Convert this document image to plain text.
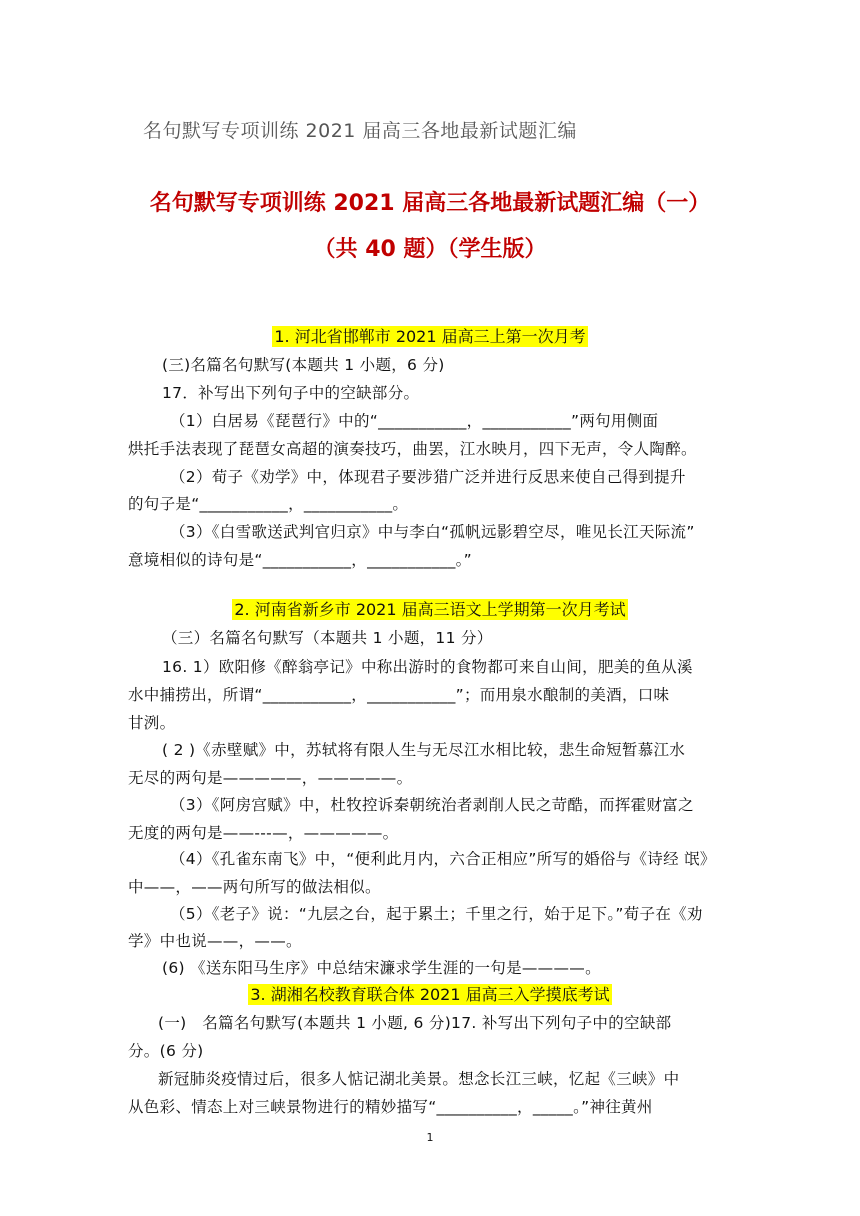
名句默写专项训练 2021 届高三各地最新试题汇编
名句默写专项训练 2021 届高三各地最新试题汇编（一）
（共 40 题）（学生版）
1. 河北省邯郸市 2021 届高三上第一次月考
(三)名篇名句默写(本题共 1 小题，6 分)
17．补写出下列句子中的空缺部分。
（1）白居易《琵琶行》中的“___________，___________”两句用侧面
烘托手法表现了琵琶女高超的演奏技巧，曲罢，江水映月，四下无声，令人陶醉。
（2）荀子《劝学》中，体现君子要涉猎广泛并进行反思来使自己得到提升
的句子是“___________，___________。
（3）《白雪歌送武判官归京》中与李白“孤帆远影碧空尽，唯见长江天际流”
意境相似的诗句是“___________，___________。”
2. 河南省新乡市 2021 届高三语文上学期第一次月考试
（三）名篇名句默写（本题共 1 小题，11 分）
16. 1）欧阳修《醉翁亭记》中称出游时的食物都可来自山间，肥美的鱼从溪
水中捕捞出，所谓“___________，___________”；而用泉水酿制的美酒，口味
甘洌。
( 2 )《赤壁赋》中，苏轼将有限人生与无尽江水相比较，悲生命短暂慕江水
无尽的两句是—————，—————。
（3）《阿房宫赋》中，杜牧控诉秦朝统治者剥削人民之苛酷，而挥霍财富之
无度的两句是——---—，—————。
（4）《孔雀东南飞》中，“便利此月内，六合正相应”所写的婚俗与《诗经 氓》
中——，——两句所写的做法相似。
（5）《老子》说：“九层之台，起于累土；千里之行，始于足下。”荀子在《劝
学》中也说——，——。
(6) 《送东阳马生序》中总结宋濂求学生涯的一句是————。
3. 湖湘名校教育联合体 2021 届高三入学摸底考试
(一)　名篇名句默写(本题共 1 小题, 6 分)17. 补写出下列句子中的空缺部
分。(6 分)
新冠肺炎疫情过后，很多人惦记湖北美景。想念长江三峡，忆起《三峡》中
从色彩、情态上对三峡景物进行的精妙描写“__________，_____。”神往黄州
1
